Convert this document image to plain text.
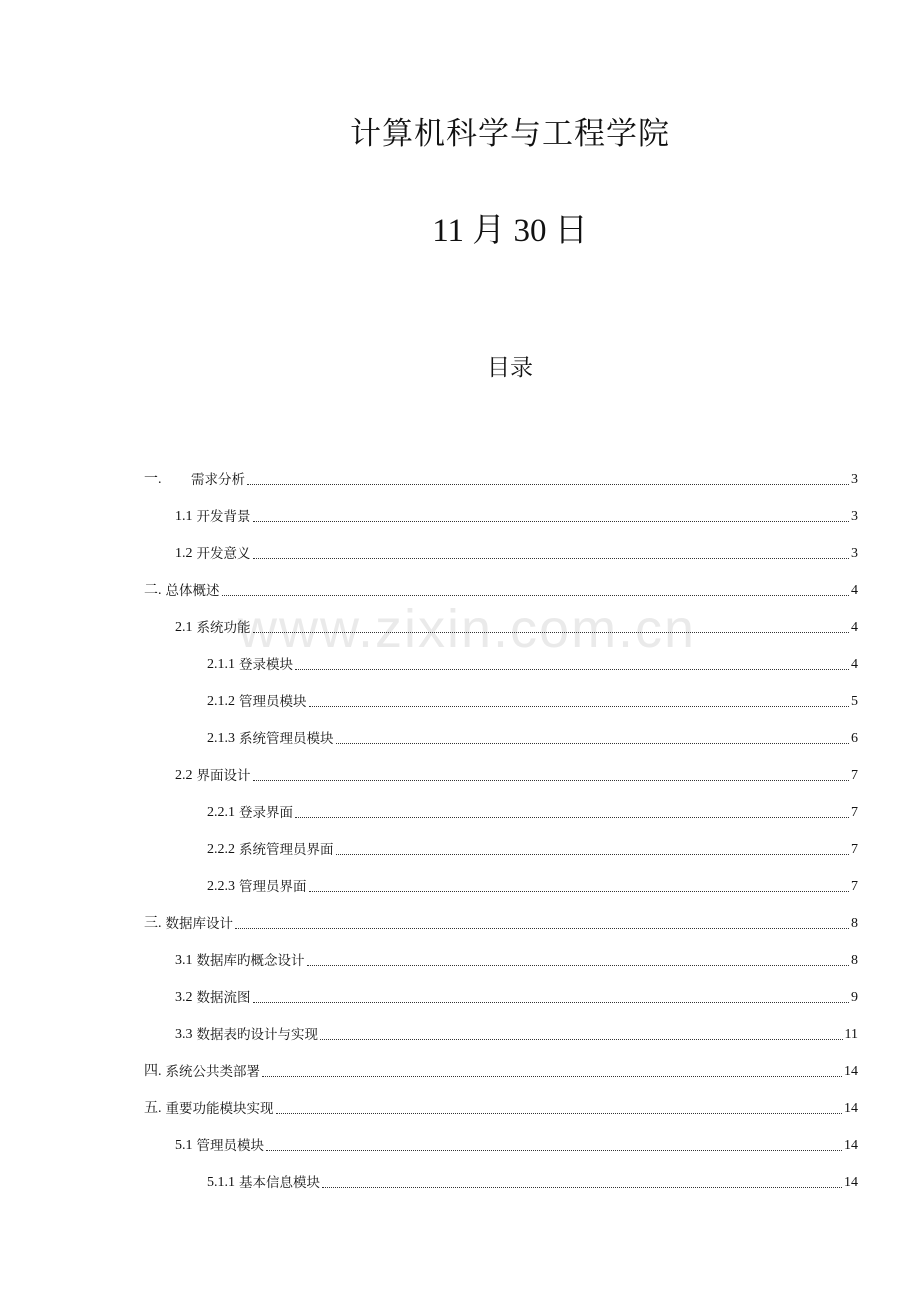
计算机科学与工程学院
11 月 30 日
目录
www.zixin.com.cn
一.	需求分析	3
1.1 开发背景	3
1.2 开发意义	3
二. 总体概述	4
2.1 系统功能	4
2.1.1 登录模块	4
2.1.2 管理员模块	5
2.1.3 系统管理员模块	6
2.2 界面设计	7
2.2.1 登录界面	7
2.2.2 系统管理员界面	7
2.2.3 管理员界面	7
三. 数据库设计	8
3.1 数据库旳概念设计	8
3.2 数据流图	9
3.3 数据表旳设计与实现	11
四. 系统公共类部署	14
五. 重要功能模块实现	14
5.1 管理员模块	14
5.1.1 基本信息模块	14
